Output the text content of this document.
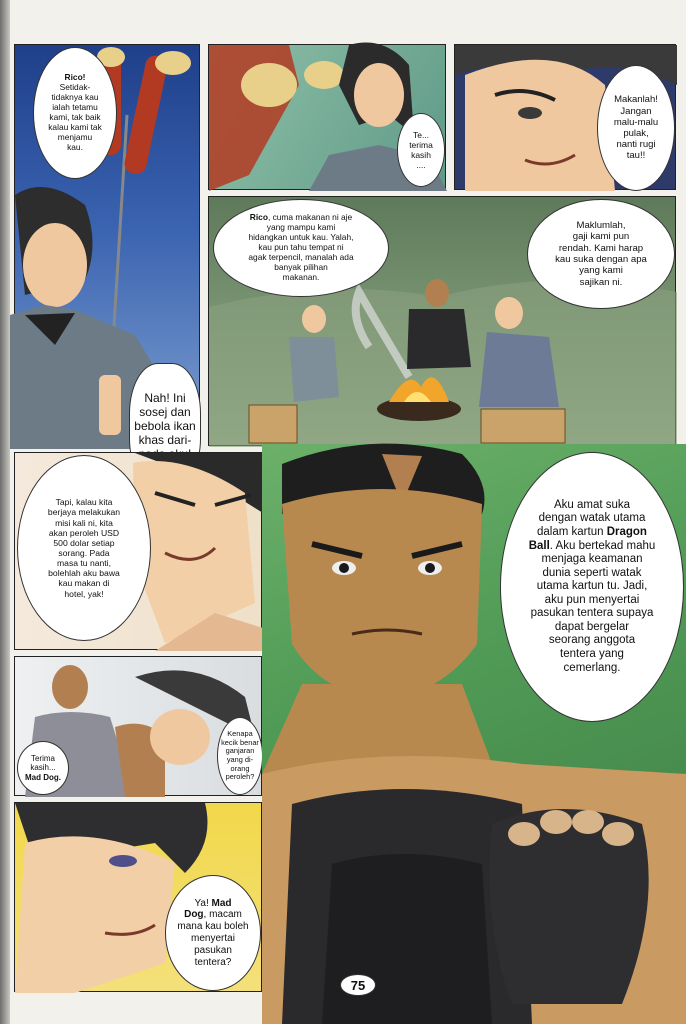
Rico!
Setidak-
tidaknya kau
ialah tetamu
kami, tak baik
kalau kami tak
menjamu
kau.
Nah! Ini
sosej dan
bebola ikan
khas dari-
Te...
terima
kasih
....
Makanlah!
Jangan
malu-malu
pulak,
nanti rugi
tau!!
Rico, cuma makanan ni aje
yang mampu kami
hidangkan untuk kau. Yalah,
kau pun tahu tempat ni
agak terpencil, manalah ada
banyak pilihan
makanan.
Maklumlah,
gaji kami pun
rendah. Kami harap
kau suka dengan apa
yang kami
sajikan ni.
Tapi, kalau kita
berjaya melakukan
misi kali ni, kita
akan peroleh USD
500 dolar setiap
sorang. Pada
masa tu nanti,
bolehlah aku bawa
kau makan di
hotel, yak!
Terima
kasih...
Mad Dog.
Kenapa
kecik benar
ganjaran
yang di-
orang
peroleh?
Ya! Mad
Dog, macam
mana kau boleh
menyertai
pasukan
tentera?
Aku amat suka
dengan watak utama
dalam kartun Dragon
Ball. Aku bertekad mahu
menjaga keamanan
dunia seperti watak
utama kartun tu. Jadi,
aku pun menyertai
pasukan tentera supaya
dapat bergelar
seorang anggota
tentera yang
cemerlang.
75
